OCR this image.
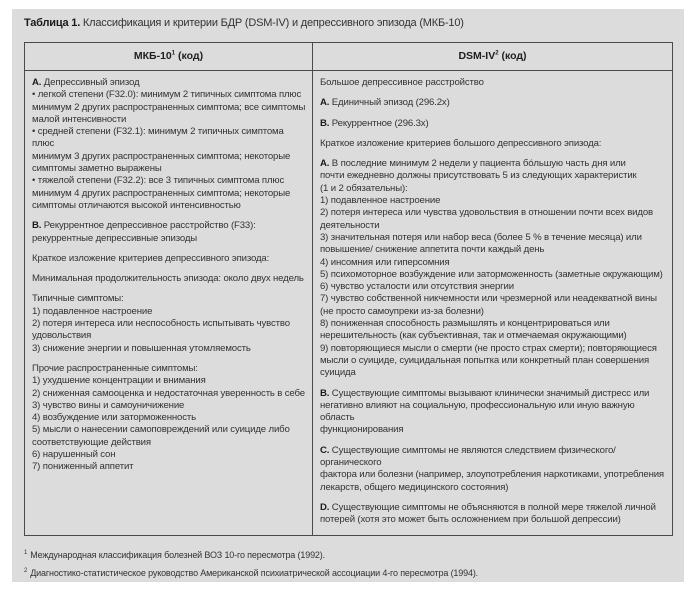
Таблица 1. Классификация и критерии БДР (DSM-IV) и депрессивного эпизода (МКБ-10)
МКБ-$10^1$ (код)	DSM-$IV^2$ (код)
A. Депрессивный эпизод
• легкой степени (F32.0): минимум 2 типичных симптома плюс
минимум 2 других распространенных симптома; все симптомы
малой интенсивности
• средней степени (F32.1): минимум 2 типичных симптома плюс
минимум 3 других распространенных симптома; некоторые
симптомы заметно выражены
• тяжелой степени (F32.2): все 3 типичных симптома плюс
минимум 4 других распространенных симптома; некоторые
симптомы отличаются высокой интенсивностью
B. Рекуррентное депрессивное расстройство (F33):
рекуррентные депрессивные эпизоды
Краткое изложение критериев депрессивного эпизода:
Минимальная продолжительность эпизода: около двух недель
Типичные симптомы:
1) подавленное настроение
2) потеря интереса или неспособность испытывать чувство
удовольствия
3) снижение энергии и повышенная утомляемость
Прочие распространенные симптомы:
1) ухудшение концентрации и внимания
2) сниженная самооценка и недостаточная уверенность в себе
3) чувство вины и самоуничижение
4) возбуждение или заторможенность
5) мысли о нанесении самоповреждений или суициде либо
соответствующие действия
6) нарушенный сон
7) пониженный аппетит
Большое депрессивное расстройство
A. Единичный эпизод (296.2x)
B. Рекуррентное (296.3x)
Краткое изложение критериев большого депрессивного эпизода:
A. В последние минимум 2 недели у пациента бóльшую часть дня или
почти ежедневно должны присутствовать 5 из следующих характеристик
(1 и 2 обязательны):
1) подавленное настроение
2) потеря интереса или чувства удовольствия в отношении почти всех видов
деятельности
3) значительная потеря или набор веса (более 5 % в течение месяца) или
повышение/ снижение аппетита почти каждый день
4) инсомния или гиперсомния
5) психомоторное возбуждение или заторможенность (заметные окружающим)
6) чувство усталости или отсутствия энергии
7) чувство собственной никчемности или чрезмерной или неадекватной вины
(не просто самоупреки из-за болезни)
8) пониженная способность размышлять и концентрироваться или
нерешительность (как субъективная, так и отмечаемая окружающими)
9) повторяющиеся мысли о смерти (не просто страх смерти); повторяющиеся
мысли о суициде, суицидальная попытка или конкретный план совершения
суицида
B. Существующие симптомы вызывают клинически значимый дистресс или
негативно влияют на социальную, профессиональную или иную важную область
функционирования
C. Существующие симптомы не являются следствием физического/органического
фактора или болезни (например, злоупотребления наркотиками, употребления
лекарств, общего медицинского состояния)
D. Существующие симптомы не объясняются в полной мере тяжелой личной
потерей (хотя это может быть осложнением при большой депрессии)
$^1$ Международная классификация болезней ВОЗ 10-го пересмотра (1992).
$^2$ Диагностико-статистическое руководство Американской психиатрической ассоциации 4-го пересмотра (1994).
